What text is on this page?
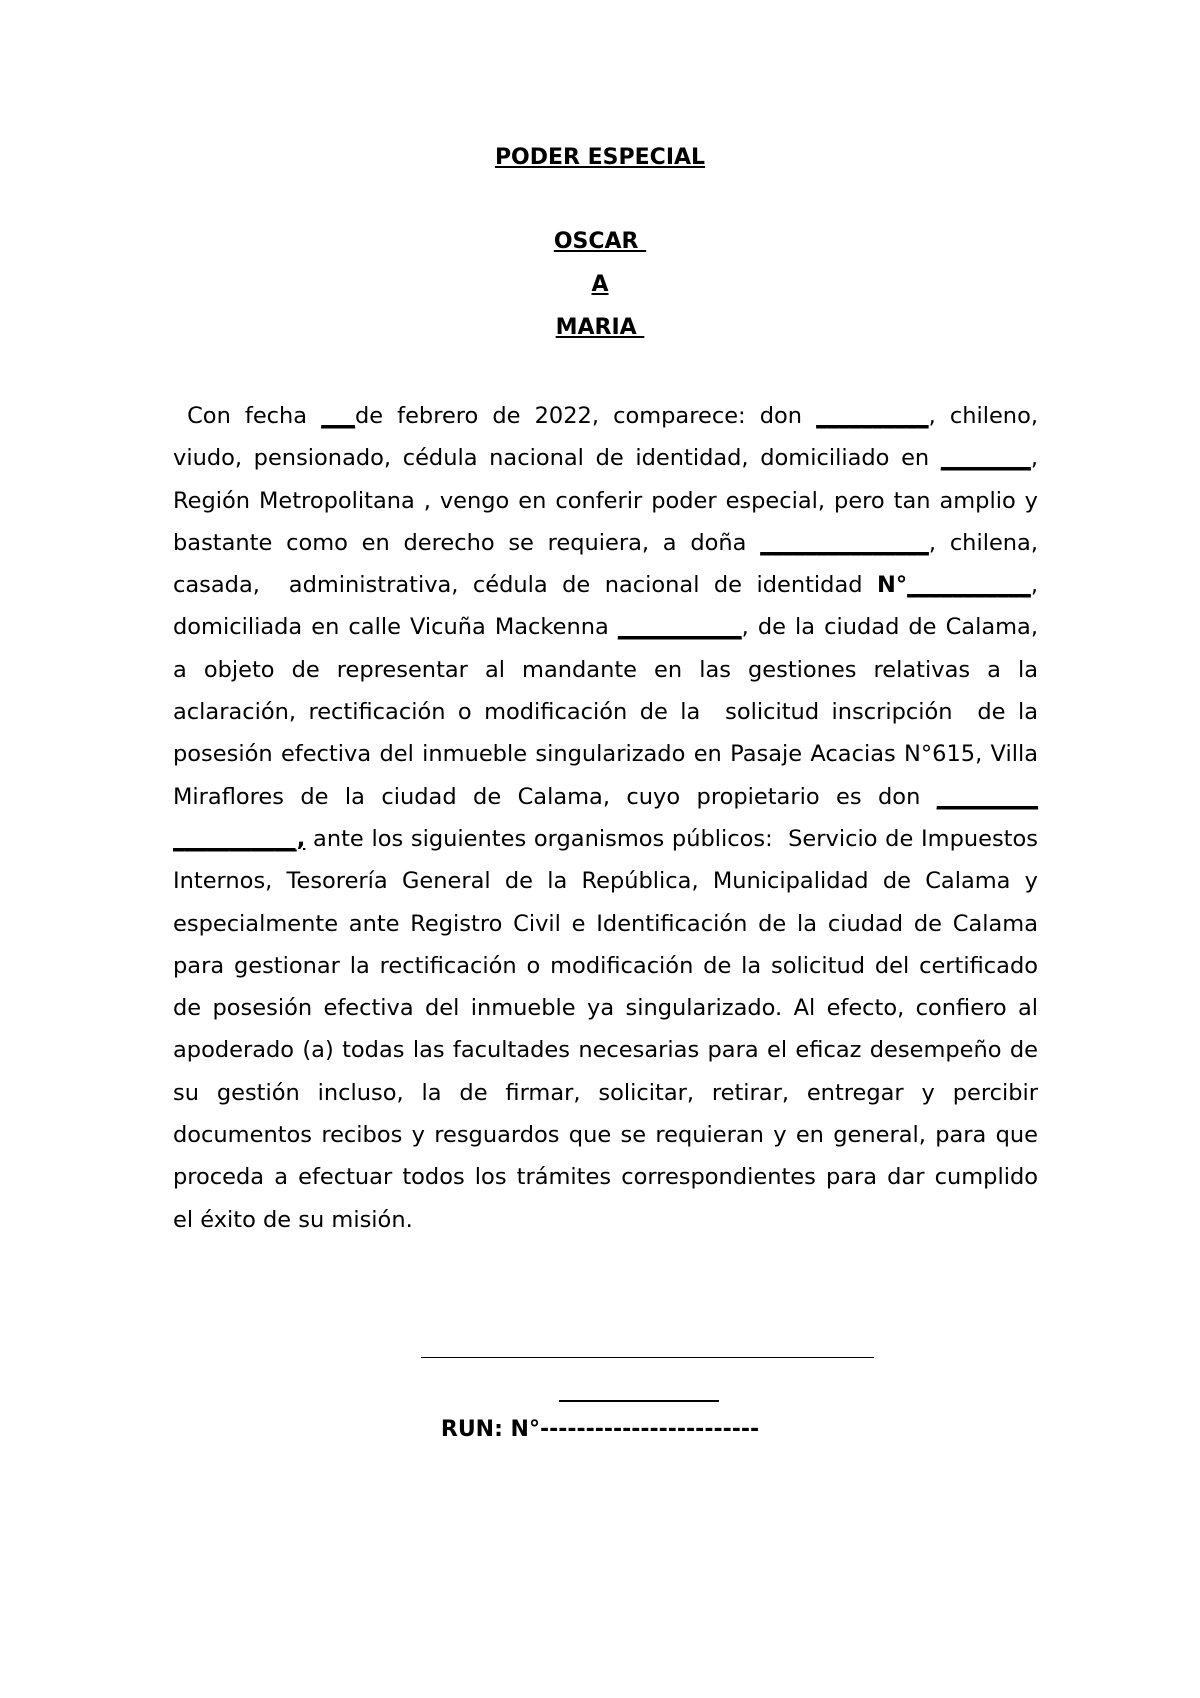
PODER ESPECIAL
OSCAR
A
MARIA
Con fecha ___de febrero de 2022, comparece: don __________, chileno, viudo, pensionado, cédula nacional de identidad, domiciliado en ________, Región Metropolitana , vengo en conferir poder especial, pero tan amplio y bastante como en derecho se requiera, a doña _______________, chilena, casada,  administrativa, cédula de nacional de identidad N°___________, domiciliada en calle Vicuña Mackenna ___________, de la ciudad de Calama, a objeto de representar al mandante en las gestiones relativas a la aclaración, rectificación o modificación de la  solicitud inscripción  de la posesión efectiva del inmueble singularizado en Pasaje Acacias N°615, Villa Miraflores de la ciudad de Calama, cuyo propietario es don _________ ___________, ante los siguientes organismos públicos:  Servicio de Impuestos Internos, Tesorería General de la República, Municipalidad de Calama y especialmente ante Registro Civil e Identificación de la ciudad de Calama para gestionar la rectificación o modificación de la solicitud del certificado de posesión efectiva del inmueble ya singularizado. Al efecto, confiero al apoderado (a) todas las facultades necesarias para el eficaz desempeño de su gestión incluso, la de firmar, solicitar, retirar, entregar y percibir documentos recibos y resguardos que se requieran y en general, para que proceda a efectuar todos los trámites correspondientes para dar cumplido el éxito de su misión.
RUN: N°------------------------
